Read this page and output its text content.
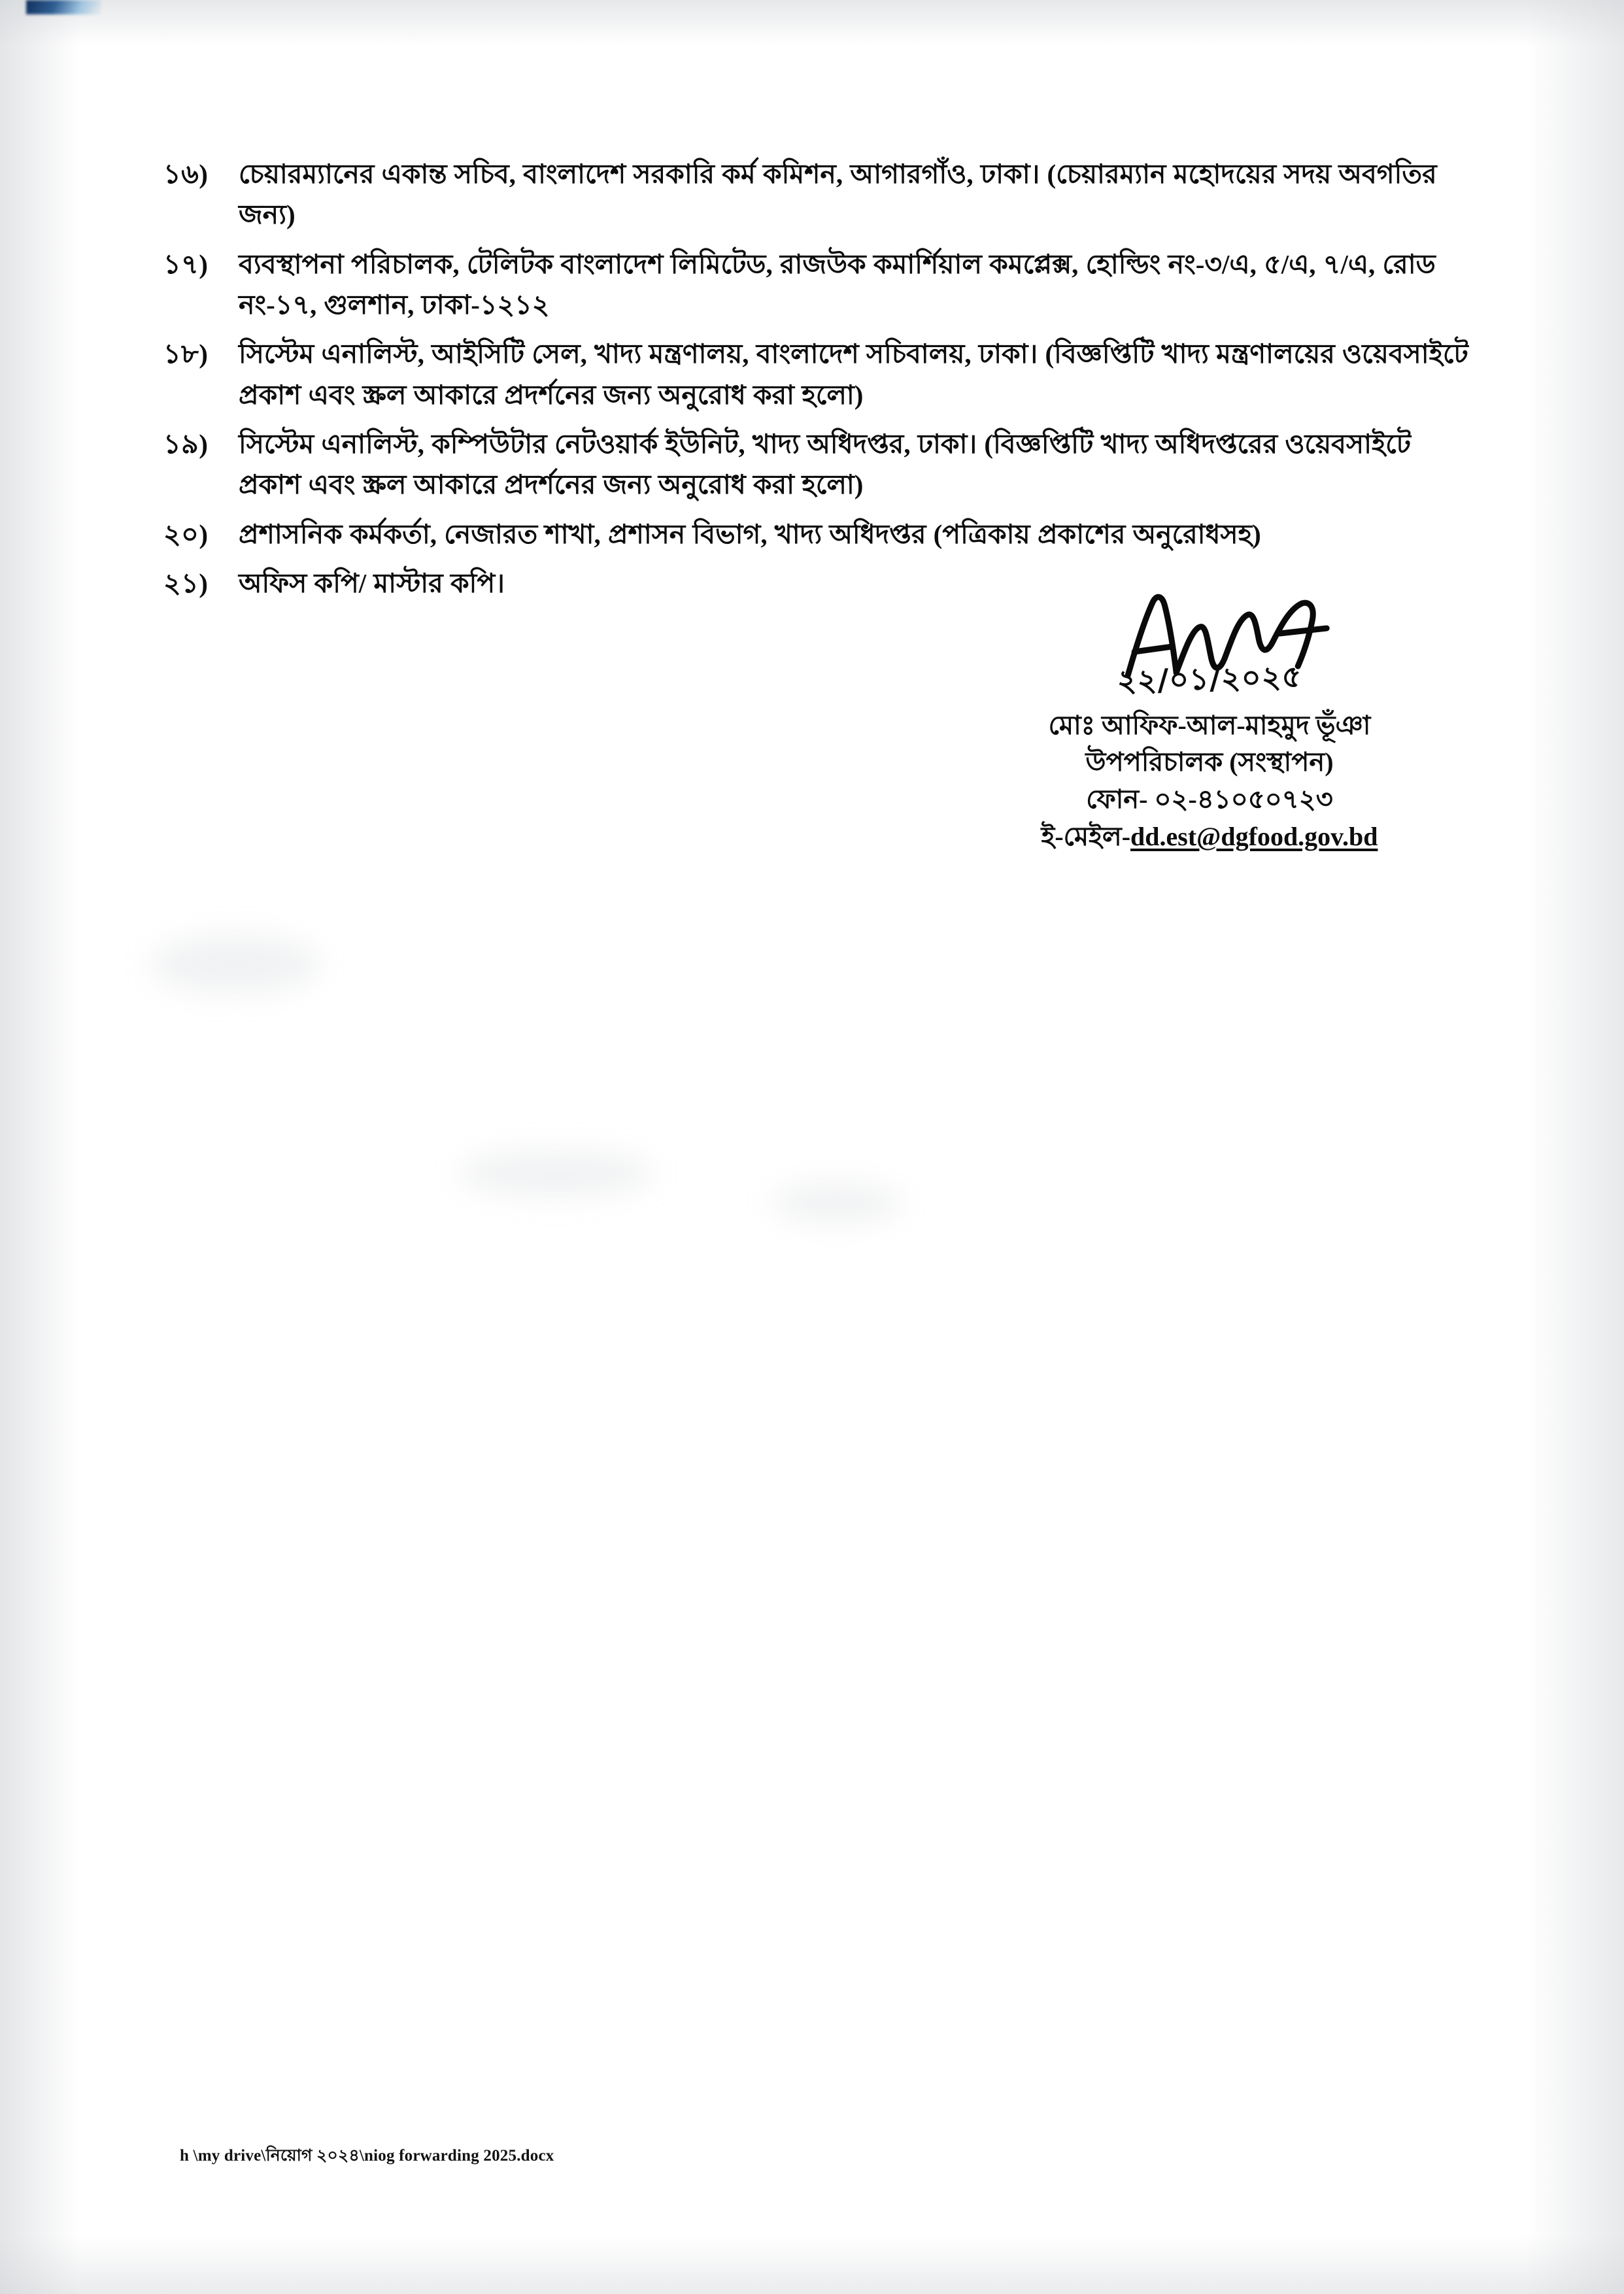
১৬)	চেয়ারম্যানের একান্ত সচিব, বাংলাদেশ সরকারি কর্ম কমিশন, আগারগাঁও, ঢাকা। (চেয়ারম্যান মহোদয়ের সদয় অবগতির জন্য)
১৭)	ব্যবস্থাপনা পরিচালক, টেলিটক বাংলাদেশ লিমিটেড, রাজউক কমার্শিয়াল কমপ্লেক্স, হোল্ডিং নং-৩/এ, ৫/এ, ৭/এ, রোড নং-১৭, গুলশান, ঢাকা-১২১২
১৮)	সিস্টেম এনালিস্ট, আইসিটি সেল, খাদ্য মন্ত্রণালয়, বাংলাদেশ সচিবালয়, ঢাকা। (বিজ্ঞপ্তিটি খাদ্য মন্ত্রণালয়ের ওয়েবসাইটে প্রকাশ এবং স্ক্রল আকারে প্রদর্শনের জন্য অনুরোধ করা হলো)
১৯)	সিস্টেম এনালিস্ট, কম্পিউটার নেটওয়ার্ক ইউনিট, খাদ্য অধিদপ্তর, ঢাকা। (বিজ্ঞপ্তিটি খাদ্য অধিদপ্তরের ওয়েবসাইটে প্রকাশ এবং স্ক্রল আকারে প্রদর্শনের জন্য অনুরোধ করা হলো)
২০)	প্রশাসনিক কর্মকর্তা, নেজারত শাখা, প্রশাসন বিভাগ, খাদ্য অধিদপ্তর (পত্রিকায় প্রকাশের অনুরোধসহ)
২১)	অফিস কপি/ মাস্টার কপি।
২২/০১/২০২৫
মোঃ আফিফ-আল-মাহমুদ ভূঁঞা
উপপরিচালক (সংস্থাপন)
ফোন- ০২-৪১০৫০৭২৩
ই-মেইল-dd.est@dgfood.gov.bd
h \my drive\নিয়োগ ২০২৪\niog forwarding 2025.docx
